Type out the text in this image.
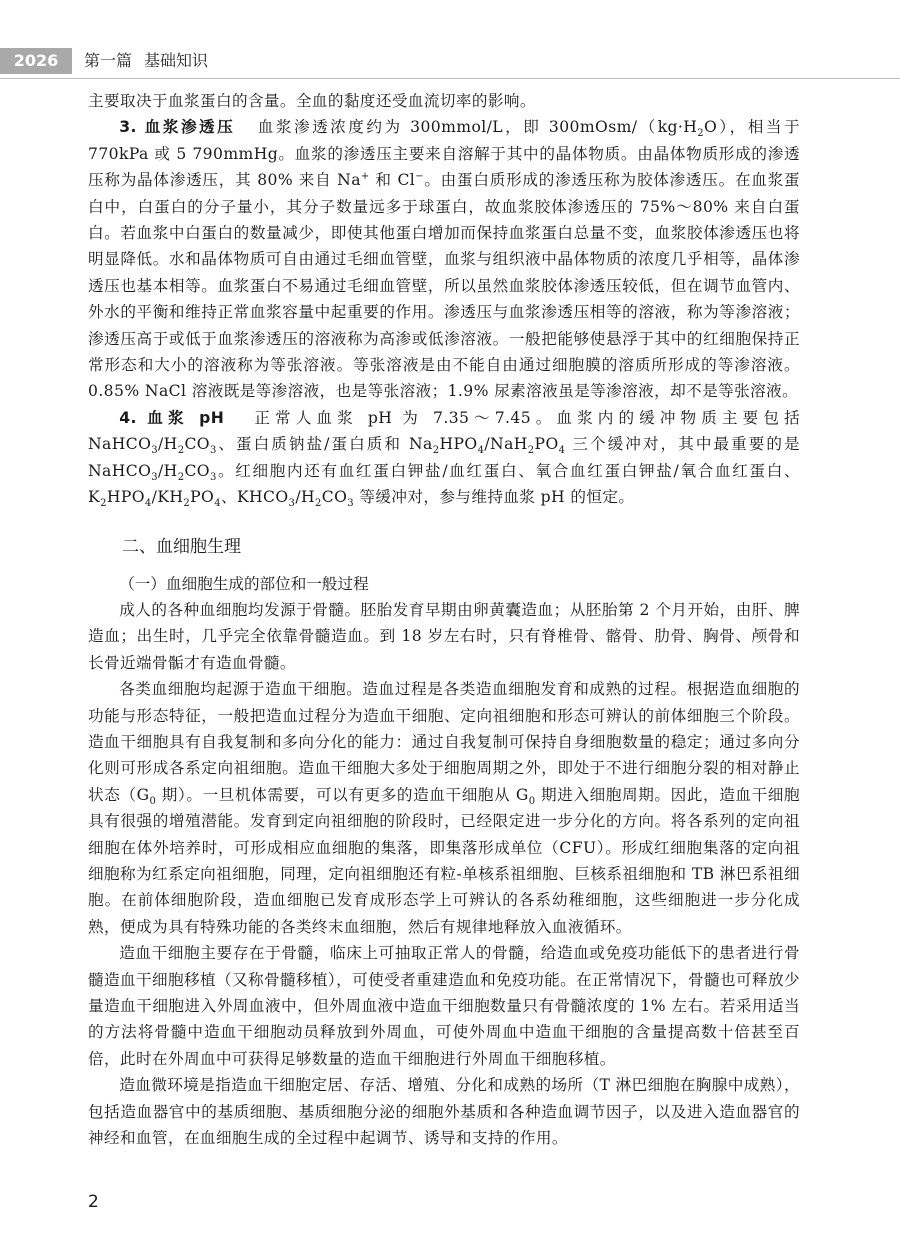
2026	第一篇 基础知识

主要取决于血浆蛋白的含量。全血的黏度还受血流切率的影响。

3. 血浆渗透压 血浆渗透浓度约为 300mmol/L，即 $300mOsm/(kg\cdot H_2O)$，相当于 770kPa 或 5 790mmHg。血浆的渗透压主要来自溶解于其中的晶体物质。由晶体物质形成的渗透压称为晶体渗透压，其 80% 来自 Na+ 和 Cl−。由蛋白质形成的渗透压称为胶体渗透压。在血浆蛋白中，白蛋白的分子量小，其分子数量远多于球蛋白，故血浆胶体渗透压的 75%～80% 来自白蛋白。若血浆中白蛋白的数量减少，即使其他蛋白增加而保持血浆蛋白总量不变，血浆胶体渗透压也将明显降低。水和晶体物质可自由通过毛细血管壁，血浆与组织液中晶体物质的浓度几乎相等，晶体渗透压也基本相等。血浆蛋白不易通过毛细血管壁，所以虽然血浆胶体渗透压较低，但在调节血管内、外水的平衡和维持正常血浆容量中起重要的作用。渗透压与血浆渗透压相等的溶液，称为等渗溶液；渗透压高于或低于血浆渗透压的溶液称为高渗或低渗溶液。一般把能够使悬浮于其中的红细胞保持正常形态和大小的溶液称为等张溶液。等张溶液是由不能自由通过细胞膜的溶质所形成的等渗溶液。0.85% NaCl 溶液既是等渗溶液，也是等张溶液；1.9% 尿素溶液虽是等渗溶液，却不是等张溶液。

4. 血浆 pH 正常人血浆 pH 为 7.35～7.45。血浆内的缓冲物质主要包括 $NaHCO_3/H_2CO_3$、蛋白质钠盐/蛋白质和 $Na_2HPO_4/NaH_2PO_4$ 三个缓冲对，其中最重要的是 $NaHCO_3/H_2CO_3$。红细胞内还有血红蛋白钾盐/血红蛋白、氧合血红蛋白钾盐/氧合血红蛋白、$K_2HPO_4/KH_2PO_4$、$KHCO_3/H_2CO_3$ 等缓冲对，参与维持血浆 pH 的恒定。

二、血细胞生理
（一）血细胞生成的部位和一般过程

成人的各种血细胞均发源于骨髓。胚胎发育早期由卵黄囊造血；从胚胎第 2 个月开始，由肝、脾造血；出生时，几乎完全依靠骨髓造血。到 18 岁左右时，只有脊椎骨、髂骨、肋骨、胸骨、颅骨和长骨近端骨骺才有造血骨髓。

各类血细胞均起源于造血干细胞。造血过程是各类造血细胞发育和成熟的过程。根据造血细胞的功能与形态特征，一般把造血过程分为造血干细胞、定向祖细胞和形态可辨认的前体细胞三个阶段。造血干细胞具有自我复制和多向分化的能力：通过自我复制可保持自身细胞数量的稳定；通过多向分化则可形成各系定向祖细胞。造血干细胞大多处于细胞周期之外，即处于不进行细胞分裂的相对静止状态（$G_0$ 期）。一旦机体需要，可以有更多的造血干细胞从 $G_0$ 期进入细胞周期。因此，造血干细胞具有很强的增殖潜能。发育到定向祖细胞的阶段时，已经限定进一步分化的方向。将各系列的定向祖细胞在体外培养时，可形成相应血细胞的集落，即集落形成单位（CFU）。形成红细胞集落的定向祖细胞称为红系定向祖细胞，同理，定向祖细胞还有粒-单核系祖细胞、巨核系祖细胞和 TB 淋巴系祖细胞。在前体细胞阶段，造血细胞已发育成形态学上可辨认的各系幼稚细胞，这些细胞进一步分化成熟，便成为具有特殊功能的各类终末血细胞，然后有规律地释放入血液循环。

造血干细胞主要存在于骨髓，临床上可抽取正常人的骨髓，给造血或免疫功能低下的患者进行骨髓造血干细胞移植（又称骨髓移植），可使受者重建造血和免疫功能。在正常情况下，骨髓也可释放少量造血干细胞进入外周血液中，但外周血液中造血干细胞数量只有骨髓浓度的 1% 左右。若采用适当的方法将骨髓中造血干细胞动员释放到外周血，可使外周血中造血干细胞的含量提高数十倍甚至百倍，此时在外周血中可获得足够数量的造血干细胞进行外周血干细胞移植。

造血微环境是指造血干细胞定居、存活、增殖、分化和成熟的场所（T 淋巴细胞在胸腺中成熟），包括造血器官中的基质细胞、基质细胞分泌的细胞外基质和各种造血调节因子，以及进入造血器官的神经和血管，在血细胞生成的全过程中起调节、诱导和支持的作用。

2
